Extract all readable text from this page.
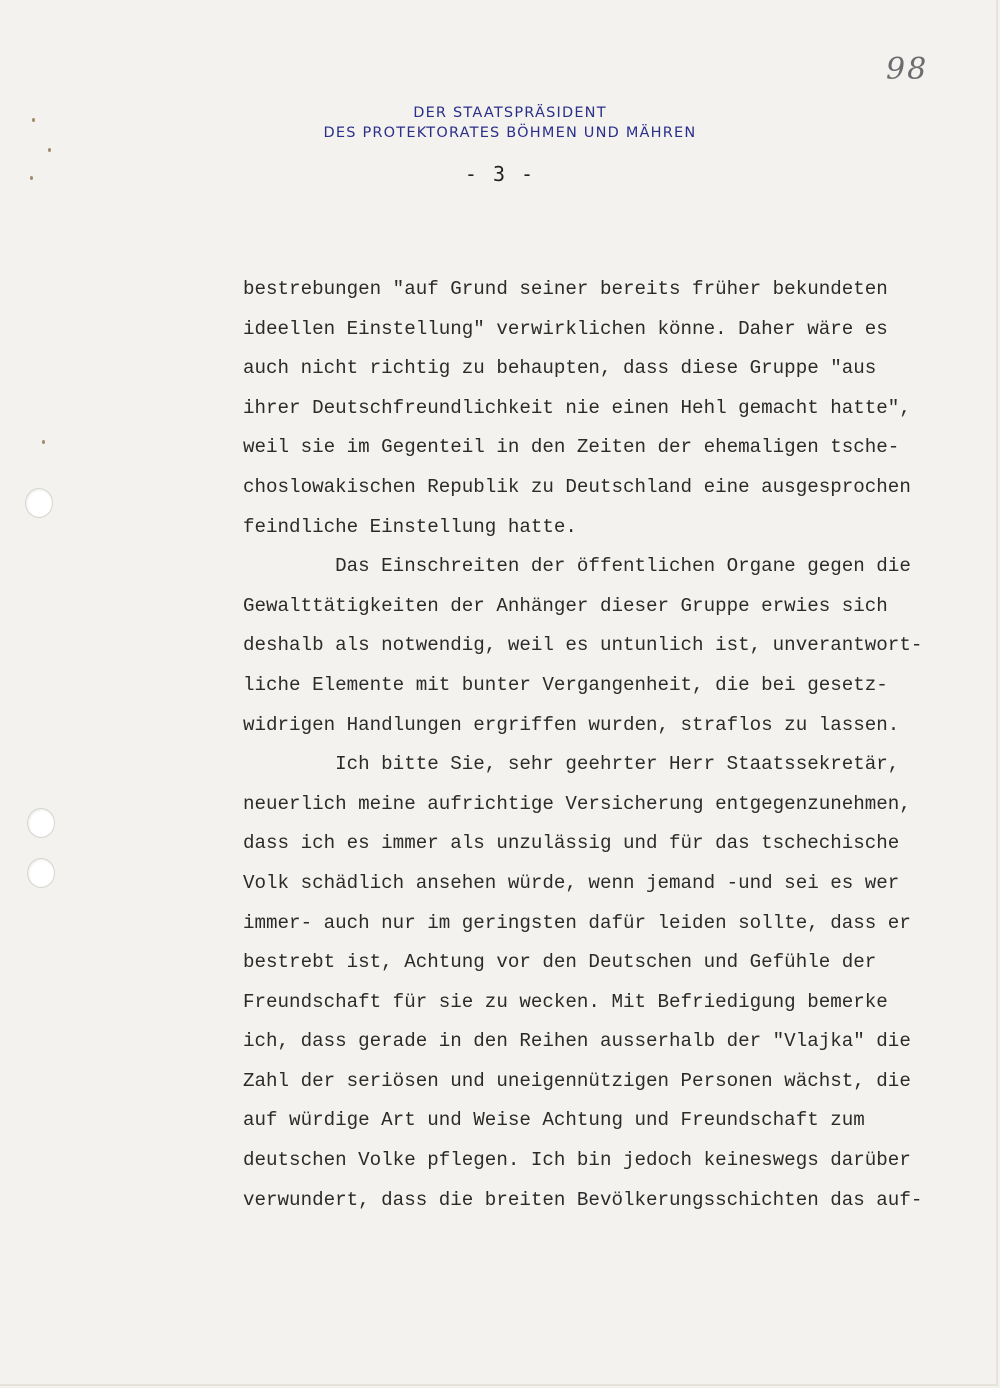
98
DER STAATSPRÄSIDENT
DES PROTEKTORATES BÖHMEN UND MÄHREN
- 3 -
bestrebungen "auf Grund seiner bereits früher bekundeten
ideellen Einstellung" verwirklichen könne. Daher wäre es
auch nicht richtig zu behaupten, dass diese Gruppe "aus
ihrer Deutschfreundlichkeit nie einen Hehl gemacht hatte",
weil sie im Gegenteil in den Zeiten der ehemaligen tsche-
choslowakischen Republik zu Deutschland eine ausgesprochen
feindliche Einstellung hatte.
Das Einschreiten der öffentlichen Organe gegen die
Gewalttätigkeiten der Anhänger dieser Gruppe erwies sich
deshalb als notwendig, weil es untunlich ist, unverantwort-
liche Elemente mit bunter Vergangenheit, die bei gesetz-
widrigen Handlungen ergriffen wurden, straflos zu lassen.
Ich bitte Sie, sehr geehrter Herr Staatssekretär,
neuerlich meine aufrichtige Versicherung entgegenzunehmen,
dass ich es immer als unzulässig und für das tschechische
Volk schädlich ansehen würde, wenn jemand -und sei es wer
immer- auch nur im geringsten dafür leiden sollte, dass er
bestrebt ist, Achtung vor den Deutschen und Gefühle der
Freundschaft für sie zu wecken. Mit Befriedigung bemerke
ich, dass gerade in den Reihen ausserhalb der "Vlajka" die
Zahl der seriösen und uneigennützigen Personen wächst, die
auf würdige Art und Weise Achtung und Freundschaft zum
deutschen Volke pflegen. Ich bin jedoch keineswegs darüber
verwundert, dass die breiten Bevölkerungsschichten das auf-
